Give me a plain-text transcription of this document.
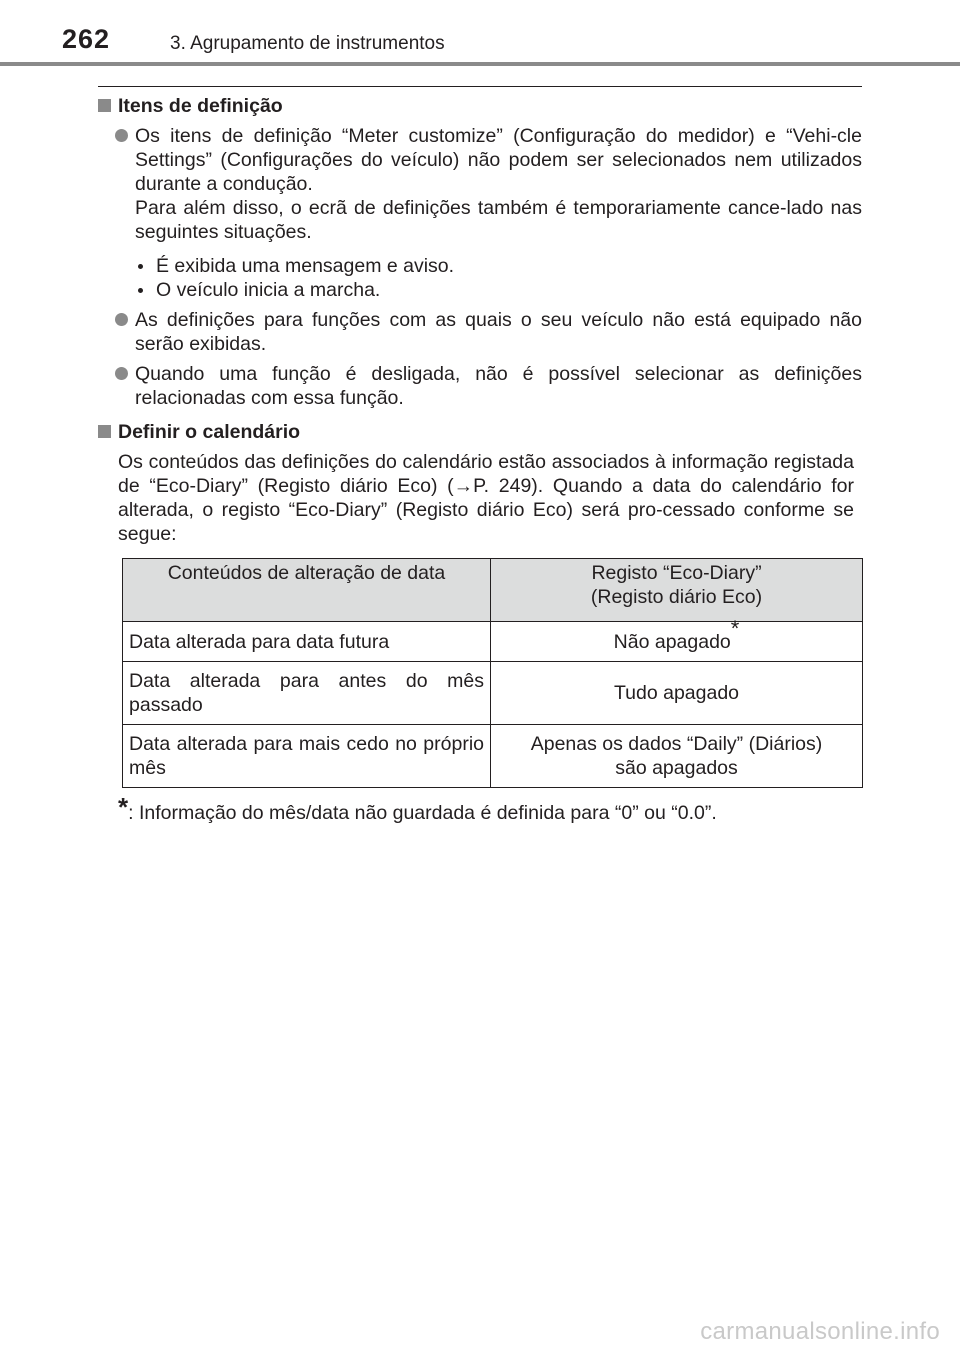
262	3. Agrupamento de instrumentos
Itens de definição

Os itens de definição “Meter customize” (Configuração do medidor) e “Vehi-cle Settings” (Configurações do veículo) não podem ser selecionados nem utilizados durante a condução.

Para além disso, o ecrã de definições também é temporariamente cance-lado nas seguintes situações.

É exibida uma mensagem e aviso.
O veículo inicia a marcha.

As definições para funções com as quais o seu veículo não está equipado não serão exibidas.

Quando uma função é desligada, não é possível selecionar as definições relacionadas com essa função.

Definir o calendário

Os conteúdos das definições do calendário estão associados à informação registada de “Eco-Diary” (Registo diário Eco) (→P. 249). Quando a data do calendário for alterada, o registo “Eco-Diary” (Registo diário Eco) será pro-cessado conforme se segue:

Conteúdos de alteração de data	Registo “Eco-Diary”
(Registo diário Eco)
Data alterada para data futura	Não apagado*
Data alterada para antes do mês passado	Tudo apagado
Data alterada para mais cedo no próprio mês	Apenas os dados “Daily” (Diários)
são apagados
*: Informação do mês/data não guardada é definida para “0” ou “0.0”.
carmanualsonline.info
